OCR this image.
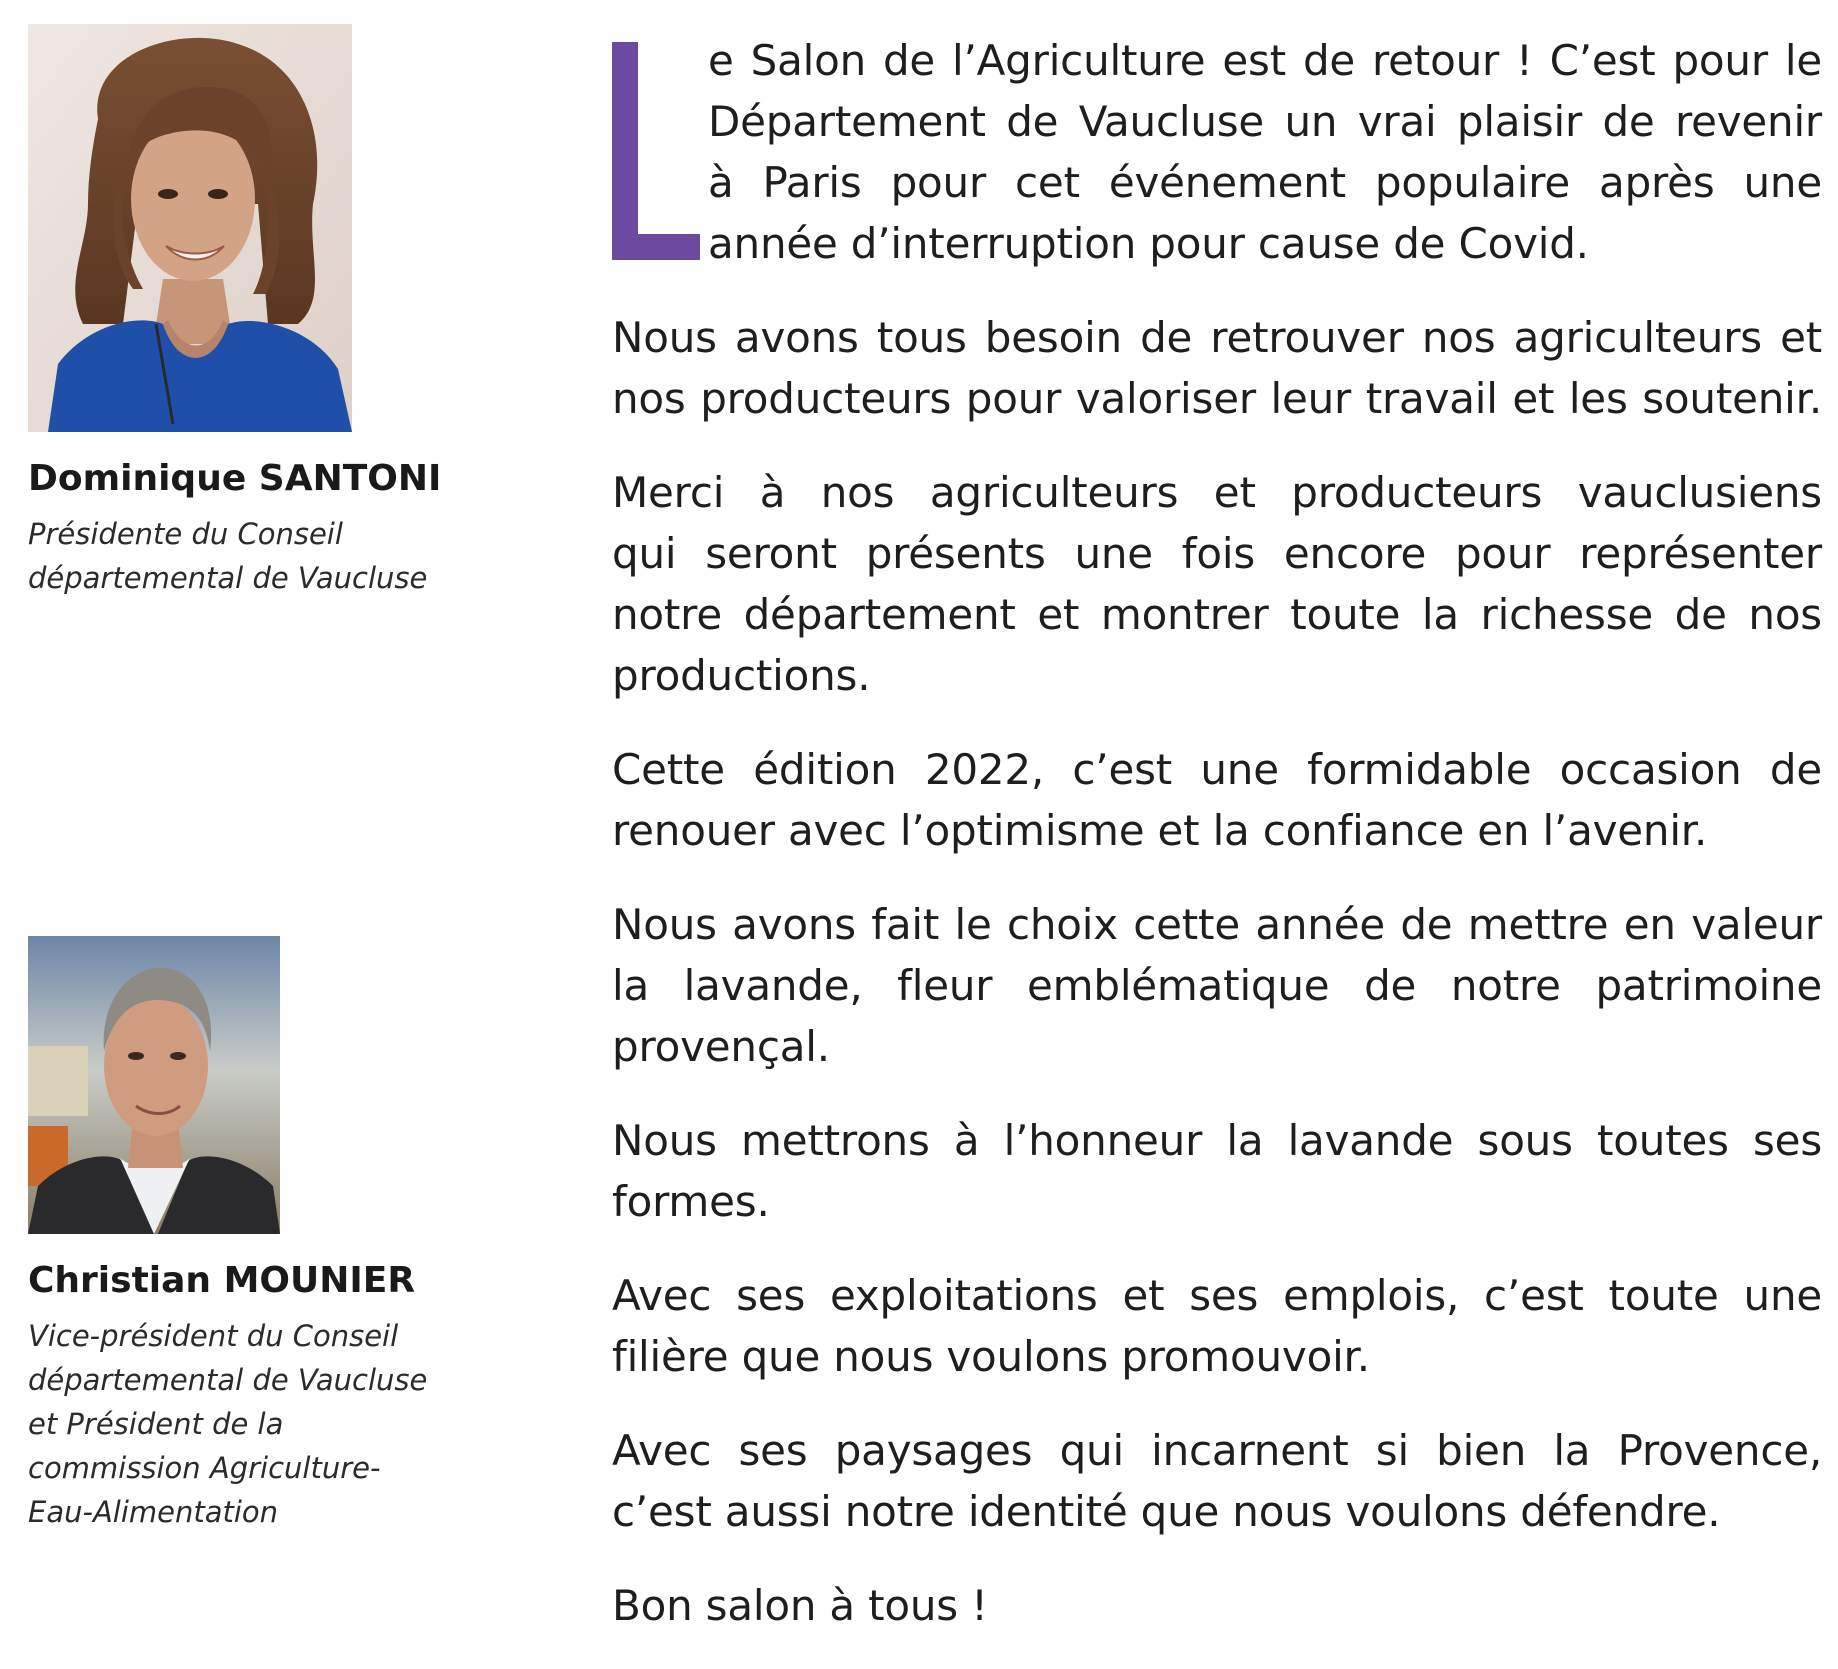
Dominique SANTONI
Présidente du Conseil
départemental de Vaucluse
Christian MOUNIER
Vice-président du Conseil
départemental de Vaucluse
et Président de la
commission Agriculture-
Eau-Alimentation

e Salon de l’Agriculture est de retour ! C’est pour le
Département de Vaucluse un vrai plaisir de revenir
à Paris pour cet événement populaire après une
année d’interruption pour cause de Covid.

Nous avons tous besoin de retrouver nos agriculteurs et
nos producteurs pour valoriser leur travail et les soutenir.

Merci à nos agriculteurs et producteurs vauclusiens
qui seront présents une fois encore pour représenter
notre département et montrer toute la richesse de nos
productions.

Cette édition 2022, c’est une formidable occasion de
renouer avec l’optimisme et la confiance en l’avenir.

Nous avons fait le choix cette année de mettre en valeur
la lavande, fleur emblématique de notre patrimoine
provençal.

Nous mettrons à l’honneur la lavande sous toutes ses
formes.

Avec ses exploitations et ses emplois, c’est toute une
filière que nous voulons promouvoir.

Avec ses paysages qui incarnent si bien la Provence,
c’est aussi notre identité que nous voulons défendre.

Bon salon à tous !
